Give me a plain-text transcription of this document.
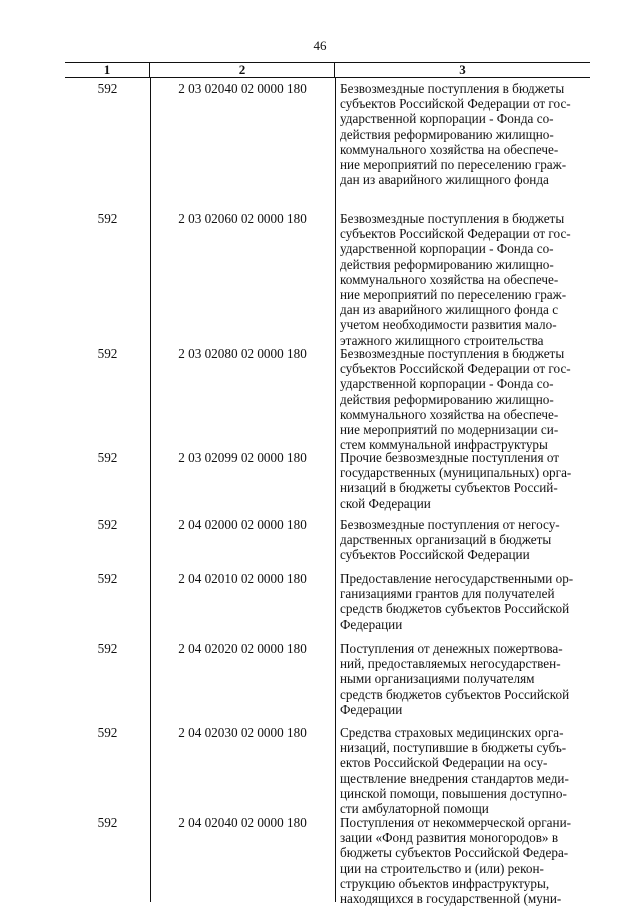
46
1	2	3
592	2 03 02040 02 0000 180	Безвозмездные поступления в бюджеты
субъектов Российской Федерации от гос-
ударственной корпорации - Фонда со-
действия реформированию жилищно-
коммунального хозяйства на обеспече-
ние мероприятий по переселению граж-
дан из аварийного жилищного фонда
592	2 03 02060 02 0000 180	Безвозмездные поступления в бюджеты
субъектов Российской Федерации от гос-
ударственной корпорации - Фонда со-
действия реформированию жилищно-
коммунального хозяйства на обеспече-
ние мероприятий по переселению граж-
дан из аварийного жилищного фонда с
учетом необходимости развития мало-
этажного жилищного строительства
592	2 03 02080 02 0000 180	Безвозмездные поступления в бюджеты
субъектов Российской Федерации от гос-
ударственной корпорации - Фонда со-
действия реформированию жилищно-
коммунального хозяйства на обеспече-
ние мероприятий по модернизации си-
стем коммунальной инфраструктуры
592	2 03 02099 02 0000 180	Прочие безвозмездные поступления от
государственных (муниципальных) орга-
низаций в бюджеты субъектов Россий-
ской Федерации
592	2 04 02000 02 0000 180	Безвозмездные поступления от негосу-
дарственных организаций в бюджеты
субъектов Российской Федерации
592	2 04 02010 02 0000 180	Предоставление негосударственными ор-
ганизациями грантов для получателей
средств бюджетов субъектов Российской
Федерации
592	2 04 02020 02 0000 180	Поступления от денежных пожертвова-
ний, предоставляемых негосударствен-
ными организациями получателям
средств бюджетов субъектов Российской
Федерации
592	2 04 02030 02 0000 180	Средства страховых медицинских орга-
низаций, поступившие в бюджеты субъ-
ектов Российской Федерации на осу-
ществление внедрения стандартов меди-
цинской помощи, повышения доступно-
сти амбулаторной помощи
592	2 04 02040 02 0000 180	Поступления от некоммерческой органи-
зации «Фонд развития моногородов» в
бюджеты субъектов Российской Федера-
ции на строительство и (или) рекон-
струкцию объектов инфраструктуры,
находящихся в государственной (муни-
